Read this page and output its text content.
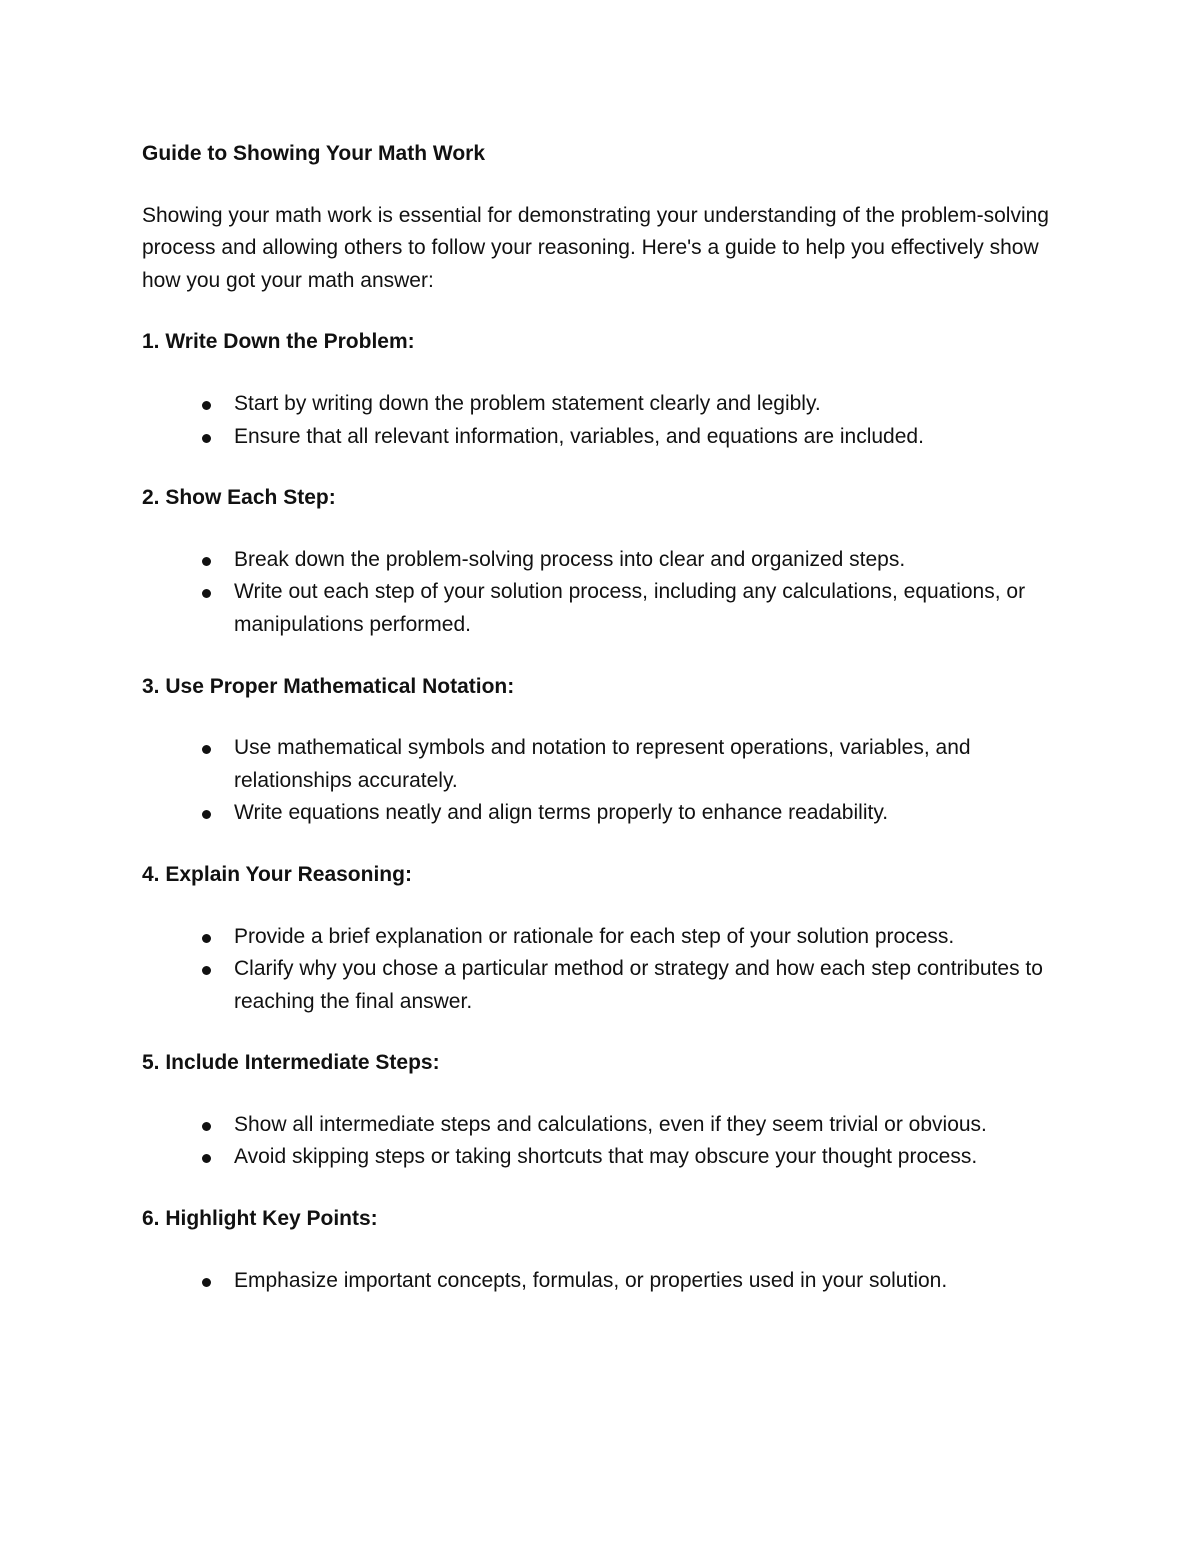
Guide to Showing Your Math Work
Showing your math work is essential for demonstrating your understanding of the problem-solving process and allowing others to follow your reasoning. Here's a guide to help you effectively show how you got your math answer:
1. Write Down the Problem:
Start by writing down the problem statement clearly and legibly.
Ensure that all relevant information, variables, and equations are included.
2. Show Each Step:
Break down the problem-solving process into clear and organized steps.
Write out each step of your solution process, including any calculations, equations, or manipulations performed.
3. Use Proper Mathematical Notation:
Use mathematical symbols and notation to represent operations, variables, and relationships accurately.
Write equations neatly and align terms properly to enhance readability.
4. Explain Your Reasoning:
Provide a brief explanation or rationale for each step of your solution process.
Clarify why you chose a particular method or strategy and how each step contributes to reaching the final answer.
5. Include Intermediate Steps:
Show all intermediate steps and calculations, even if they seem trivial or obvious.
Avoid skipping steps or taking shortcuts that may obscure your thought process.
6. Highlight Key Points:
Emphasize important concepts, formulas, or properties used in your solution.
